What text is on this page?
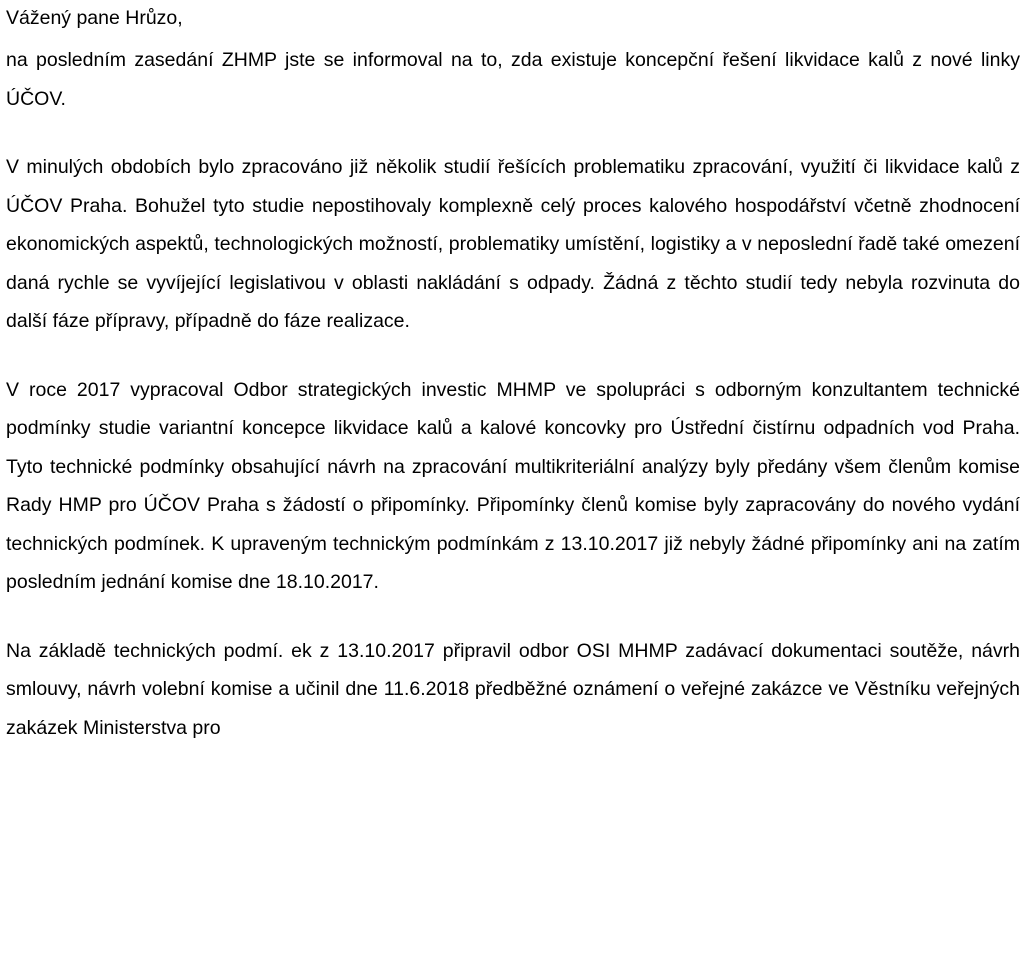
Vážený pane Hrůzo,

na posledním zasedání ZHMP jste se informoval na to, zda existuje koncepční řešení likvidace kalů z nové linky ÚČOV.

V minulých obdobích bylo zpracováno již několik studií řešících problematiku zpracování, využití či likvidace kalů z ÚČOV Praha. Bohužel tyto studie nepostihovaly komplexně celý proces kalového hospodářství včetně zhodnocení ekonomických aspektů, technologických možností, problematiky umístění, logistiky a v neposlední řadě také omezení daná rychle se vyvíjející legislativou v oblasti nakládání s odpady. Žádná z těchto studií tedy nebyla rozvinuta do další fáze přípravy, případně do fáze realizace.

V roce 2017 vypracoval Odbor strategických investic MHMP ve spolupráci s odborným konzultantem technické podmínky studie variantní koncepce likvidace kalů a kalové koncovky pro Ústřední čistírnu odpadních vod Praha. Tyto technické podmínky obsahující návrh na zpracování multikriteriální analýzy byly předány všem členům komise Rady HMP pro ÚČOV Praha s žádostí o připomínky. Připomínky členů komise byly zapracovány do nového vydání technických podmínek. K upraveným technickým podmínkám z 13.10.2017 již nebyly žádné připomínky ani na zatím posledním jednání komise dne 18.10.2017.

Na základě technických podmí. ek z 13.10.2017 připravil odbor OSI MHMP zadávací dokumentaci soutěže, návrh smlouvy, návrh volební komise a učinil dne 11.6.2018 předběžné oznámení o veřejné zakázce ve Věstníku veřejných zakázek Ministerstva pro
